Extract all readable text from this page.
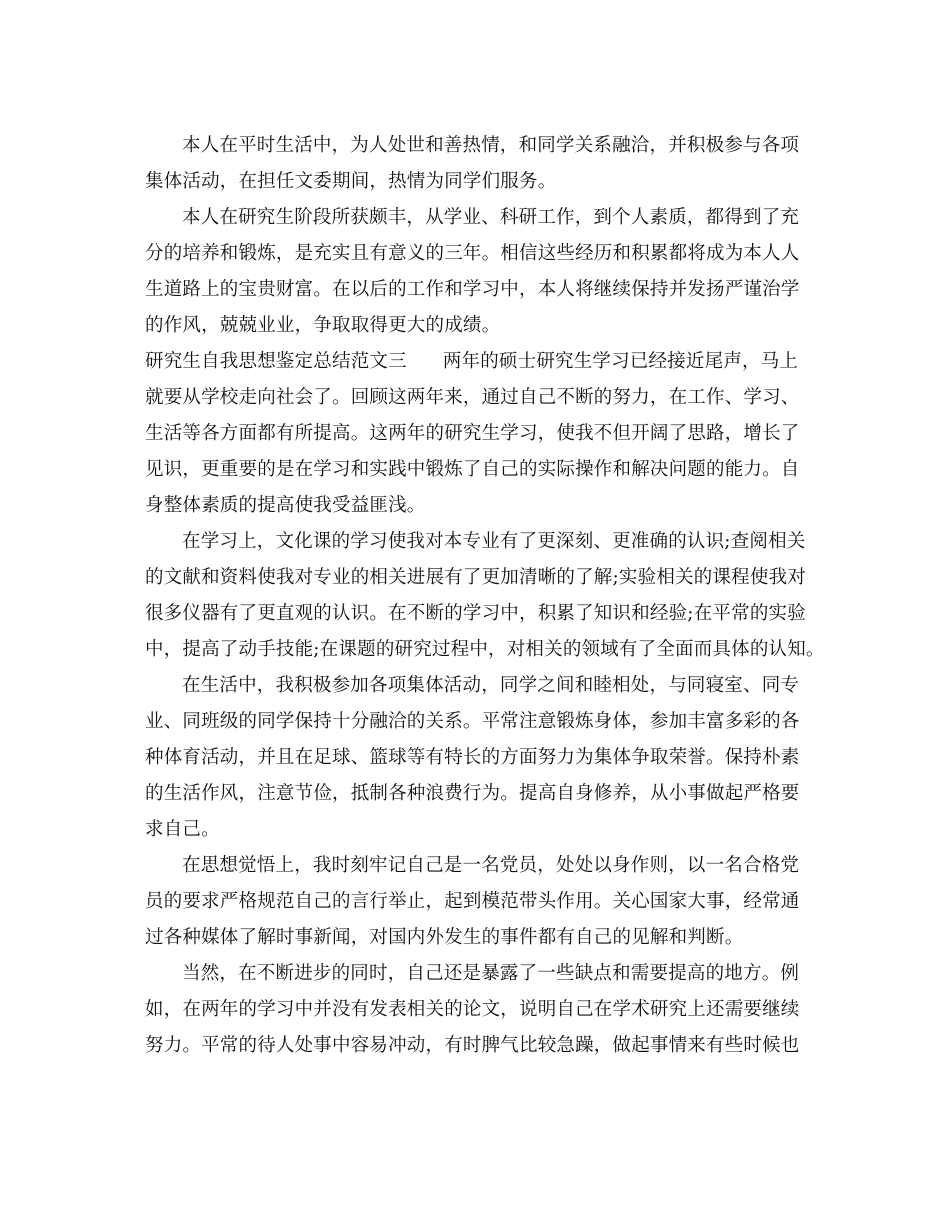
本人在平时生活中，为人处世和善热情，和同学关系融洽，并积极参与各项
集体活动，在担任文委期间，热情为同学们服务。
本人在研究生阶段所获颇丰，从学业、科研工作，到个人素质，都得到了充
分的培养和锻炼，是充实且有意义的三年。相信这些经历和积累都将成为本人人
生道路上的宝贵财富。在以后的工作和学习中，本人将继续保持并发扬严谨治学
的作风，兢兢业业，争取取得更大的成绩。
研究生自我思想鉴定总结范文三 两年的硕士研究生学习已经接近尾声，马上
就要从学校走向社会了。回顾这两年来，通过自己不断的努力，在工作、学习、
生活等各方面都有所提高。这两年的研究生学习，使我不但开阔了思路，增长了
见识，更重要的是在学习和实践中锻炼了自己的实际操作和解决问题的能力。自
身整体素质的提高使我受益匪浅。
在学习上，文化课的学习使我对本专业有了更深刻、更准确的认识;查阅相关
的文献和资料使我对专业的相关进展有了更加清晰的了解;实验相关的课程使我对
很多仪器有了更直观的认识。在不断的学习中，积累了知识和经验;在平常的实验
中，提高了动手技能;在课题的研究过程中，对相关的领域有了全面而具体的认知。
在生活中，我积极参加各项集体活动，同学之间和睦相处，与同寝室、同专
业、同班级的同学保持十分融洽的关系。平常注意锻炼身体，参加丰富多彩的各
种体育活动，并且在足球、篮球等有特长的方面努力为集体争取荣誉。保持朴素
的生活作风，注意节俭，抵制各种浪费行为。提高自身修养，从小事做起严格要
求自己。
在思想觉悟上，我时刻牢记自己是一名党员，处处以身作则，以一名合格党
员的要求严格规范自己的言行举止，起到模范带头作用。关心国家大事，经常通
过各种媒体了解时事新闻，对国内外发生的事件都有自己的见解和判断。
当然，在不断进步的同时，自己还是暴露了一些缺点和需要提高的地方。例
如，在两年的学习中并没有发表相关的论文，说明自己在学术研究上还需要继续
努力。平常的待人处事中容易冲动，有时脾气比较急躁，做起事情来有些时候也
